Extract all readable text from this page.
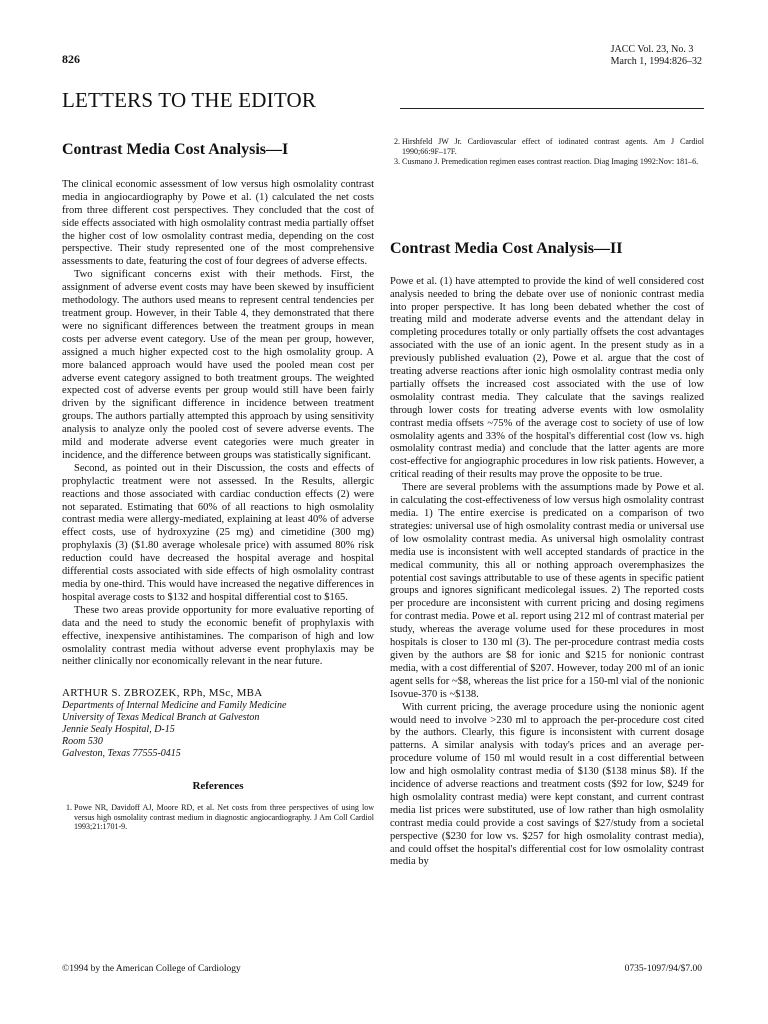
826
JACC Vol. 23, No. 3
March 1, 1994:826–32
LETTERS TO THE EDITOR
Contrast Media Cost Analysis—I

The clinical economic assessment of low versus high osmolality contrast media in angiocardiography by Powe et al. (1) calculated the net costs from three different cost perspectives. They concluded that the cost of side effects associated with high osmolality contrast media partially offset the higher cost of low osmolality contrast media, depending on the cost perspective. Their study represented one of the most comprehensive assessments to date, featuring the cost of four degrees of adverse effects.

Two significant concerns exist with their methods. First, the assignment of adverse event costs may have been skewed by insufficient methodology. The authors used means to represent central tendencies per treatment group. However, in their Table 4, they demonstrated that there were no significant differences between the treatment groups in mean costs per adverse event category. Use of the mean per group, however, assigned a much higher expected cost to the high osmolality group. A more balanced approach would have used the pooled mean cost per adverse event category assigned to both treatment groups. The weighted expected cost of adverse events per group would still have been fairly driven by the significant difference in incidence between treatment groups. The authors partially attempted this approach by using sensitivity analysis to analyze only the pooled cost of severe adverse events. The mild and moderate adverse event categories were much greater in incidence, and the difference between groups was statistically significant.

Second, as pointed out in their Discussion, the costs and effects of prophylactic treatment were not assessed. In the Results, allergic reactions and those associated with cardiac conduction effects (2) were not separated. Estimating that 60% of all reactions to high osmolality contrast media were allergy-mediated, explaining at least 40% of adverse effect costs, use of hydroxyzine (25 mg) and cimetidine (300 mg) prophylaxis (3) ($1.80 average wholesale price) with assumed 80% risk reduction could have decreased the hospital average and hospital differential costs associated with side effects of high osmolality contrast media by one-third. This would have increased the negative differences in hospital average costs to $132 and hospital differential cost to $165.

These two areas provide opportunity for more evaluative reporting of data and the need to study the economic benefit of prophylaxis with effective, inexpensive antihistamines. The comparison of high and low osmolality contrast media without adverse event prophylaxis may be neither clinically nor economically relevant in the near future.

ARTHUR S. ZBROZEK, RPh, MSc, MBA
Departments of Internal Medicine and Family Medicine
University of Texas Medical Branch at Galveston
Jennie Sealy Hospital, D-15
Room 530
Galveston, Texas 77555-0415
References
1. Powe NR, Davidoff AJ, Moore RD, et al. Net costs from three perspectives of using low versus high osmolality contrast medium in diagnostic angiocardiography. J Am Coll Cardiol 1993;21:1701-9.
2. Hirshfeld JW Jr. Cardiovascular effect of iodinated contrast agents. Am J Cardiol 1990;66:9F–17F.
3. Cusmano J. Premedication regimen eases contrast reaction. Diag Imaging 1992:Nov: 181–6.
Contrast Media Cost Analysis—II

Powe et al. (1) have attempted to provide the kind of well considered cost analysis needed to bring the debate over use of nonionic contrast media into proper perspective. It has long been debated whether the cost of treating mild and moderate adverse events and the attendant delay in completing procedures totally or only partially offsets the cost advantages associated with the use of an ionic agent. In the present study as in a previously published evaluation (2), Powe et al. argue that the cost of treating adverse reactions after ionic high osmolality contrast media only partially offsets the increased cost associated with the use of low osmolality contrast media. They calculate that the savings realized through lower costs for treating adverse events with low osmolality contrast media offsets ~75% of the average cost to society of use of low osmolality agents and 33% of the hospital's differential cost (low vs. high osmolality contrast media) and conclude that the latter agents are more cost-effective for angiographic procedures in low risk patients. However, a critical reading of their results may prove the opposite to be true.

There are several problems with the assumptions made by Powe et al. in calculating the cost-effectiveness of low versus high osmolality contrast media. 1) The entire exercise is predicated on a comparison of two strategies: universal use of high osmolality contrast media or universal use of low osmolality contrast media. As universal high osmolality contrast media use is inconsistent with well accepted standards of practice in the medical community, this all or nothing approach overemphasizes the potential cost savings attributable to use of these agents in specific patient groups and ignores significant medicolegal issues. 2) The reported costs per procedure are inconsistent with current pricing and dosing regimens for contrast media. Powe et al. report using 212 ml of contrast material per study, whereas the average volume used for these procedures in most hospitals is closer to 130 ml (3). The per-procedure contrast media costs given by the authors are $8 for ionic and $215 for nonionic contrast media, with a cost differential of $207. However, today 200 ml of an ionic agent sells for ~$8, whereas the list price for a 150-ml vial of the nonionic Isovue-370 is ~$138.

With current pricing, the average procedure using the nonionic agent would need to involve >230 ml to approach the per-procedure cost cited by the authors. Clearly, this figure is inconsistent with current dosage patterns. A similar analysis with today's prices and an average per-procedure volume of 150 ml would result in a cost differential between low and high osmolality contrast media of $130 ($138 minus $8). If the incidence of adverse reactions and treatment costs ($92 for low, $249 for high osmolality contrast media) were kept constant, and current contrast media list prices were substituted, use of low rather than high osmolality contrast media could provide a cost savings of $27/study from a societal perspective ($230 for low vs. $257 for high osmolality contrast media), and could offset the hospital's differential cost for low osmolality contrast media by

©1994 by the American College of Cardiology	0735-1097/94/$7.00
